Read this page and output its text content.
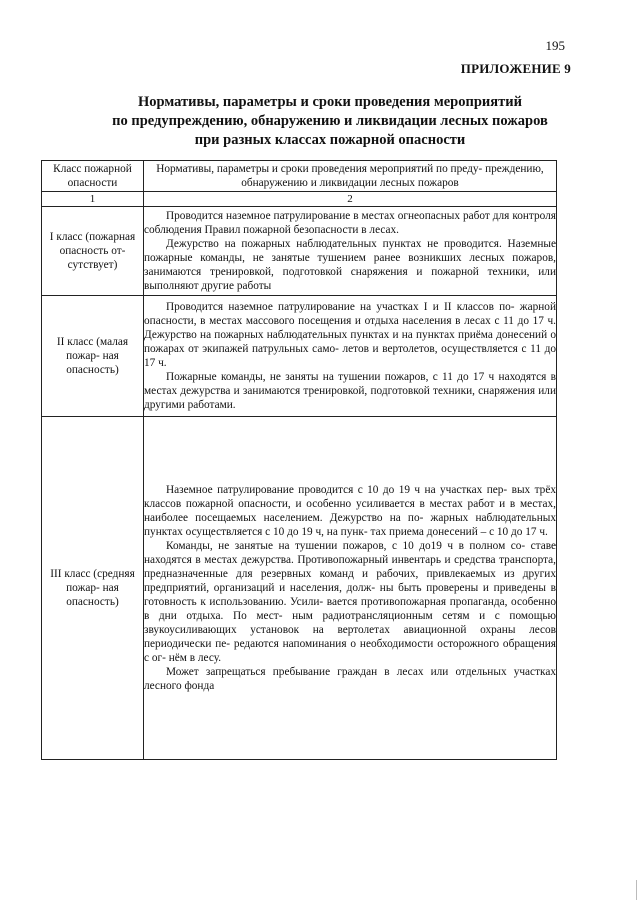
195
ПРИЛОЖЕНИЕ 9
Нормативы, параметры и сроки проведения мероприятий
по предупреждению, обнаружению и ликвидации лесных пожаров
при разных классах пожарной опасности
Класс пожарной опасности	Нормативы, параметры и сроки проведения мероприятий по преду- преждению, обнаружению и ликвидации лесных пожаров
1	2
I класс (пожарная опасность от- сутствует)	Проводится наземное патрулирование в местах огнеопасных работ для контроля соблюдения Правил пожарной безопасности в лесах.

Дежурство на пожарных наблюдательных пунктах не проводится. Наземные пожарные команды, не занятые тушением ранее возникших лесных пожаров, занимаются тренировкой, подготовкой снаряжения и пожарной техники, или выполняют другие работы

II класс (малая пожар- ная опасность)	Проводится наземное патрулирование на участках I и II классов по- жарной опасности, в местах массового посещения и отдыха населения в лесах с 11 до 17 ч. Дежурство на пожарных наблюдательных пунктах и на пунктах приёма донесений о пожарах от экипажей патрульных само- летов и вертолетов, осуществляется с 11 до 17 ч.

Пожарные команды, не заняты на тушении пожаров, с 11 до 17 ч находятся в местах дежурства и занимаются тренировкой, подготовкой техники, снаряжения или другими работами.

III класс (средняя пожар- ная опасность)	Наземное патрулирование проводится с 10 до 19 ч на участках пер- вых трёх классов пожарной опасности, и особенно усиливается в местах работ и в местах, наиболее посещаемых населением. Дежурство на по- жарных наблюдательных пунктах осуществляется с 10 до 19 ч, на пунк- тах приема донесений – с 10 до 17 ч.

Команды, не занятые на тушении пожаров, с 10 до19 ч в полном со- ставе находятся в местах дежурства. Противопожарный инвентарь и средства транспорта, предназначенные для резервных команд и рабочих, привлекаемых из других предприятий, организаций и населения, долж- ны быть проверены и приведены в готовность к использованию. Усили- вается противопожарная пропаганда, особенно в дни отдыха. По мест- ным радиотрансляционным сетям и с помощью звукоусиливающих установок на вертолетах авиационной охраны лесов периодически пе- редаются напоминания о необходимости осторожного обращения с ог- нём в лесу.

Может запрещаться пребывание граждан в лесах или отдельных участках лесного фонда
